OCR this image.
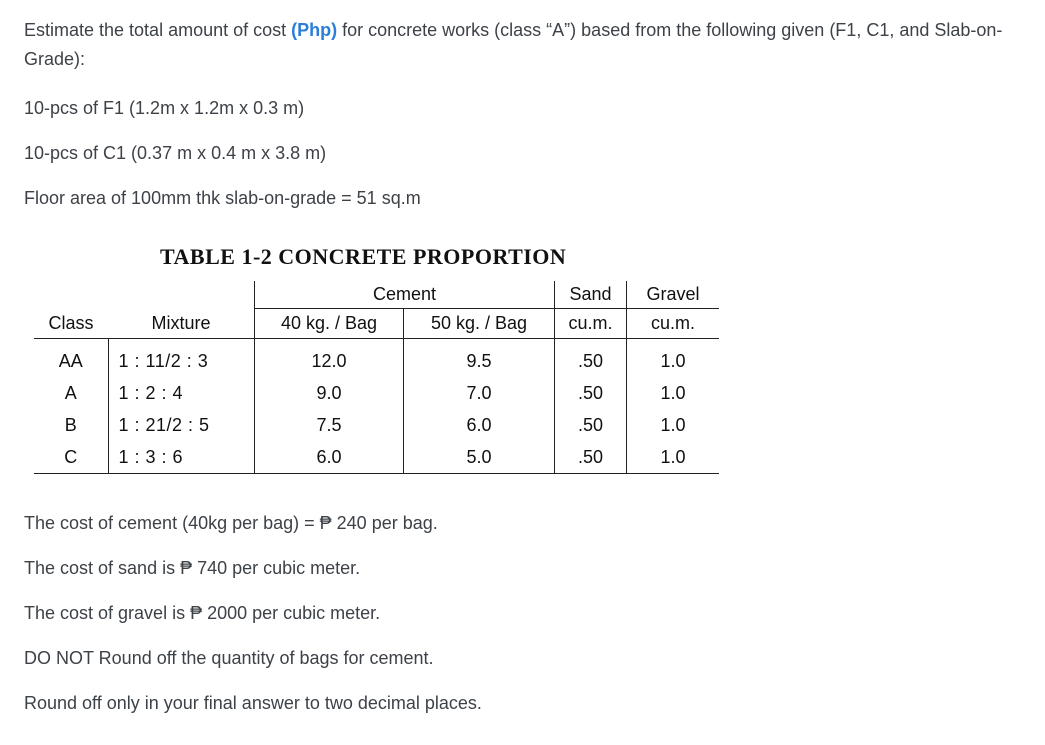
Estimate the total amount of cost (Php) for concrete works (class “A”) based from the following given (F1, C1, and Slab-on-Grade):

10-pcs of F1 (1.2m x 1.2m x 0.3 m)

10-pcs of C1 (0.37 m x 0.4 m x 3.8 m)

Floor area of 100mm thk slab-on-grade = 51 sq.m

TABLE 1-2 CONCRETE PROPORTION

		Cement		Sand	Gravel
Class	Mixture	40 kg. / Bag	50 kg. / Bag	cu.m.	cu.m.
AA	1 : 11/2 : 3	12.0	9.5	.50	1.0
A	1 : 2 : 4	9.0	7.0	.50	1.0
B	1 : 21/2 : 5	7.5	6.0	.50	1.0
C	1 : 3 : 6	6.0	5.0	.50	1.0

The cost of cement (40kg per bag) = ₱ 240 per bag.

The cost of sand is ₱ 740 per cubic meter.

The cost of gravel is ₱ 2000 per cubic meter.

DO NOT Round off the quantity of bags for cement.

Round off only in your final answer to two decimal places.
